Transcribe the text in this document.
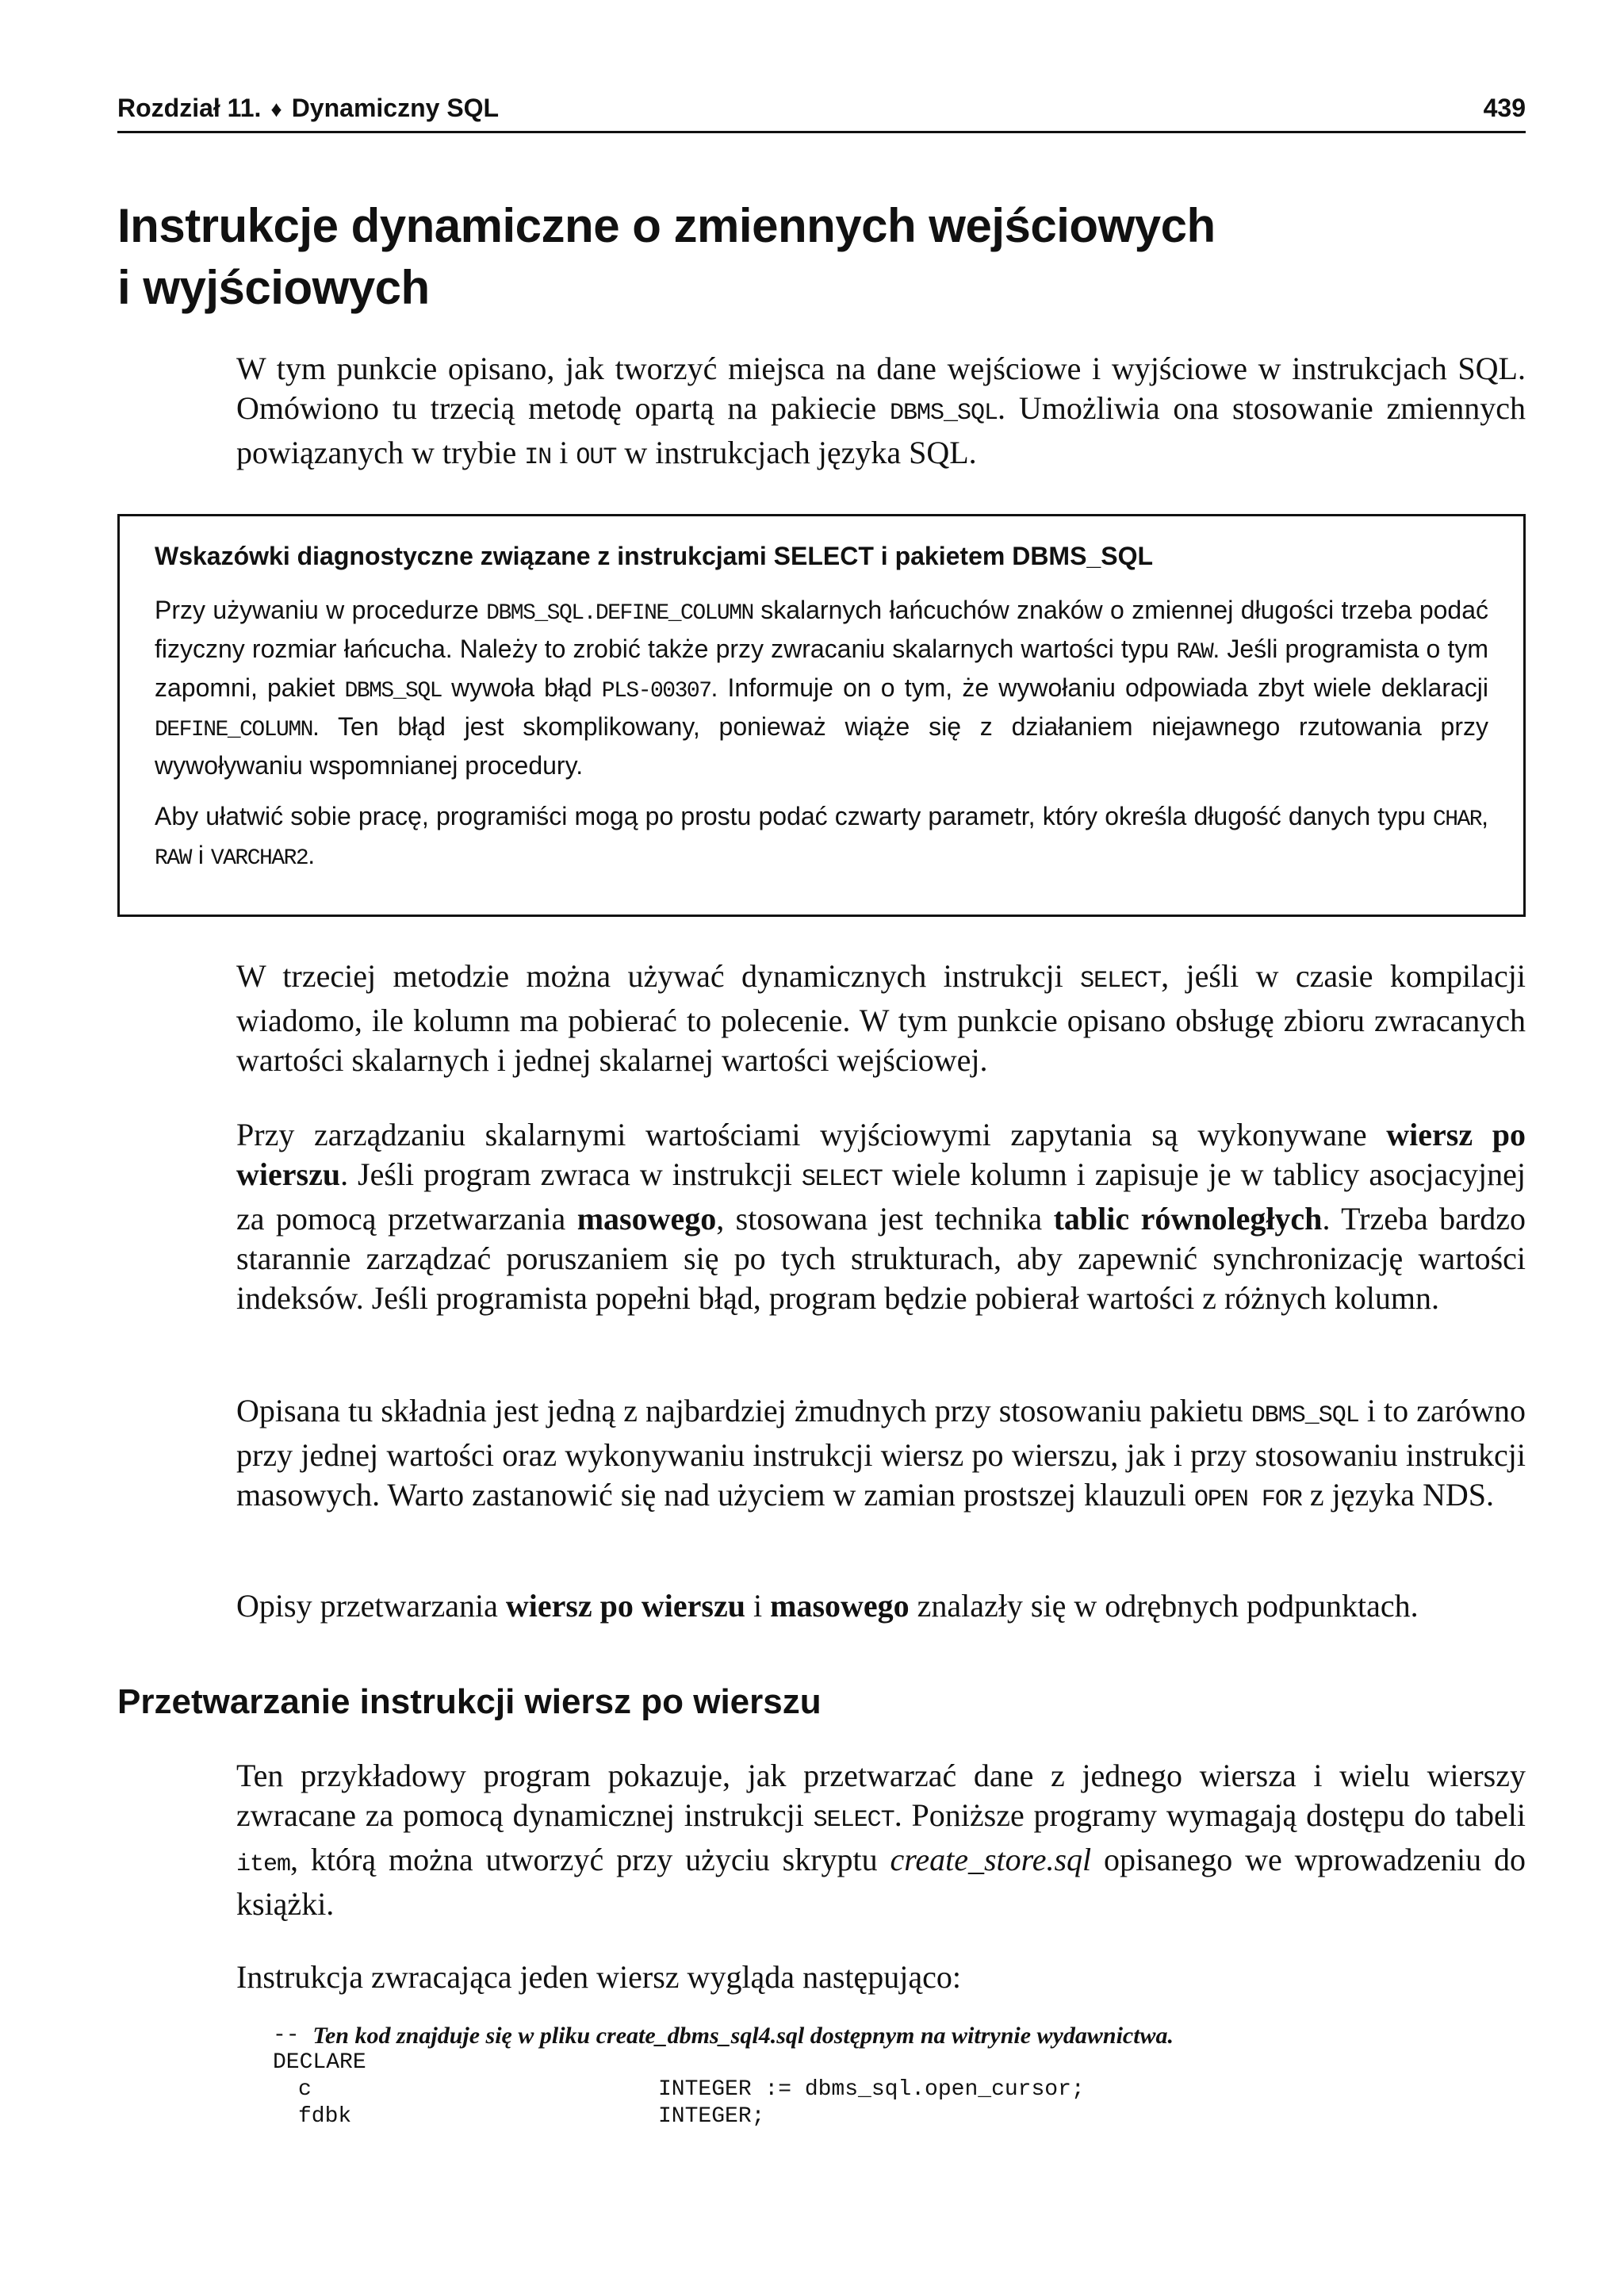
Rozdział 11. ♦ Dynamiczny SQL	439
Instrukcje dynamiczne o zmiennych wejściowych
i wyjściowych

W tym punkcie opisano, jak tworzyć miejsca na dane wejściowe i wyjściowe w instrukcjach SQL. Omówiono tu trzecią metodę opartą na pakiecie DBMS_SQL. Umożliwia ona stosowanie zmiennych powiązanych w trybie IN i OUT w instrukcjach języka SQL.

Wskazówki diagnostyczne związane z instrukcjami SELECT i pakietem DBMS_SQL

Przy używaniu w procedurze DBMS_SQL.DEFINE_COLUMN skalarnych łańcuchów znaków o zmiennej długości trzeba podać fizyczny rozmiar łańcucha. Należy to zrobić także przy zwracaniu skalarnych wartości typu RAW. Jeśli programista o tym zapomni, pakiet DBMS_SQL wywoła błąd PLS-00307. Informuje on o tym, że wywołaniu odpowiada zbyt wiele deklaracji DEFINE_COLUMN. Ten błąd jest skomplikowany, ponieważ wiąże się z działaniem niejawnego rzutowania przy wywoływaniu wspomnianej procedury.

Aby ułatwić sobie pracę, programiści mogą po prostu podać czwarty parametr, który określa długość danych typu CHAR, RAW i VARCHAR2.

W trzeciej metodzie można używać dynamicznych instrukcji SELECT, jeśli w czasie kompilacji wiadomo, ile kolumn ma pobierać to polecenie. W tym punkcie opisano obsługę zbioru zwracanych wartości skalarnych i jednej skalarnej wartości wejściowej.

Przy zarządzaniu skalarnymi wartościami wyjściowymi zapytania są wykonywane wiersz po wierszu. Jeśli program zwraca w instrukcji SELECT wiele kolumn i zapisuje je w tablicy asocjacyjnej za pomocą przetwarzania masowego, stosowana jest technika tablic równoległych. Trzeba bardzo starannie zarządzać poruszaniem się po tych strukturach, aby zapewnić synchronizację wartości indeksów. Jeśli programista popełni błąd, program będzie pobierał wartości z różnych kolumn.

Opisana tu składnia jest jedną z najbardziej żmudnych przy stosowaniu pakietu DBMS_SQL i to zarówno przy jednej wartości oraz wykonywaniu instrukcji wiersz po wierszu, jak i przy stosowaniu instrukcji masowych. Warto zastanowić się nad użyciem w zamian prostszej klauzuli OPEN FOR z języka NDS.

Opisy przetwarzania wiersz po wierszu i masowego znalazły się w odrębnych podpunktach.

Przetwarzanie instrukcji wiersz po wierszu

Ten przykładowy program pokazuje, jak przetwarzać dane z jednego wiersza i wielu wierszy zwracane za pomocą dynamicznej instrukcji SELECT. Poniższe programy wymagają dostępu do tabeli item, którą można utworzyć przy użyciu skryptu create_store.sql opisanego we wprowadzeniu do książki.

Instrukcja zwracająca jeden wiersz wygląda następująco:

--
Ten kod znajduje się w pliku create_dbms_sql4.sql dostępnym na witrynie wydawnictwa.
DECLARE
c	INTEGER := dbms_sql.open_cursor;
fdbk	INTEGER;
